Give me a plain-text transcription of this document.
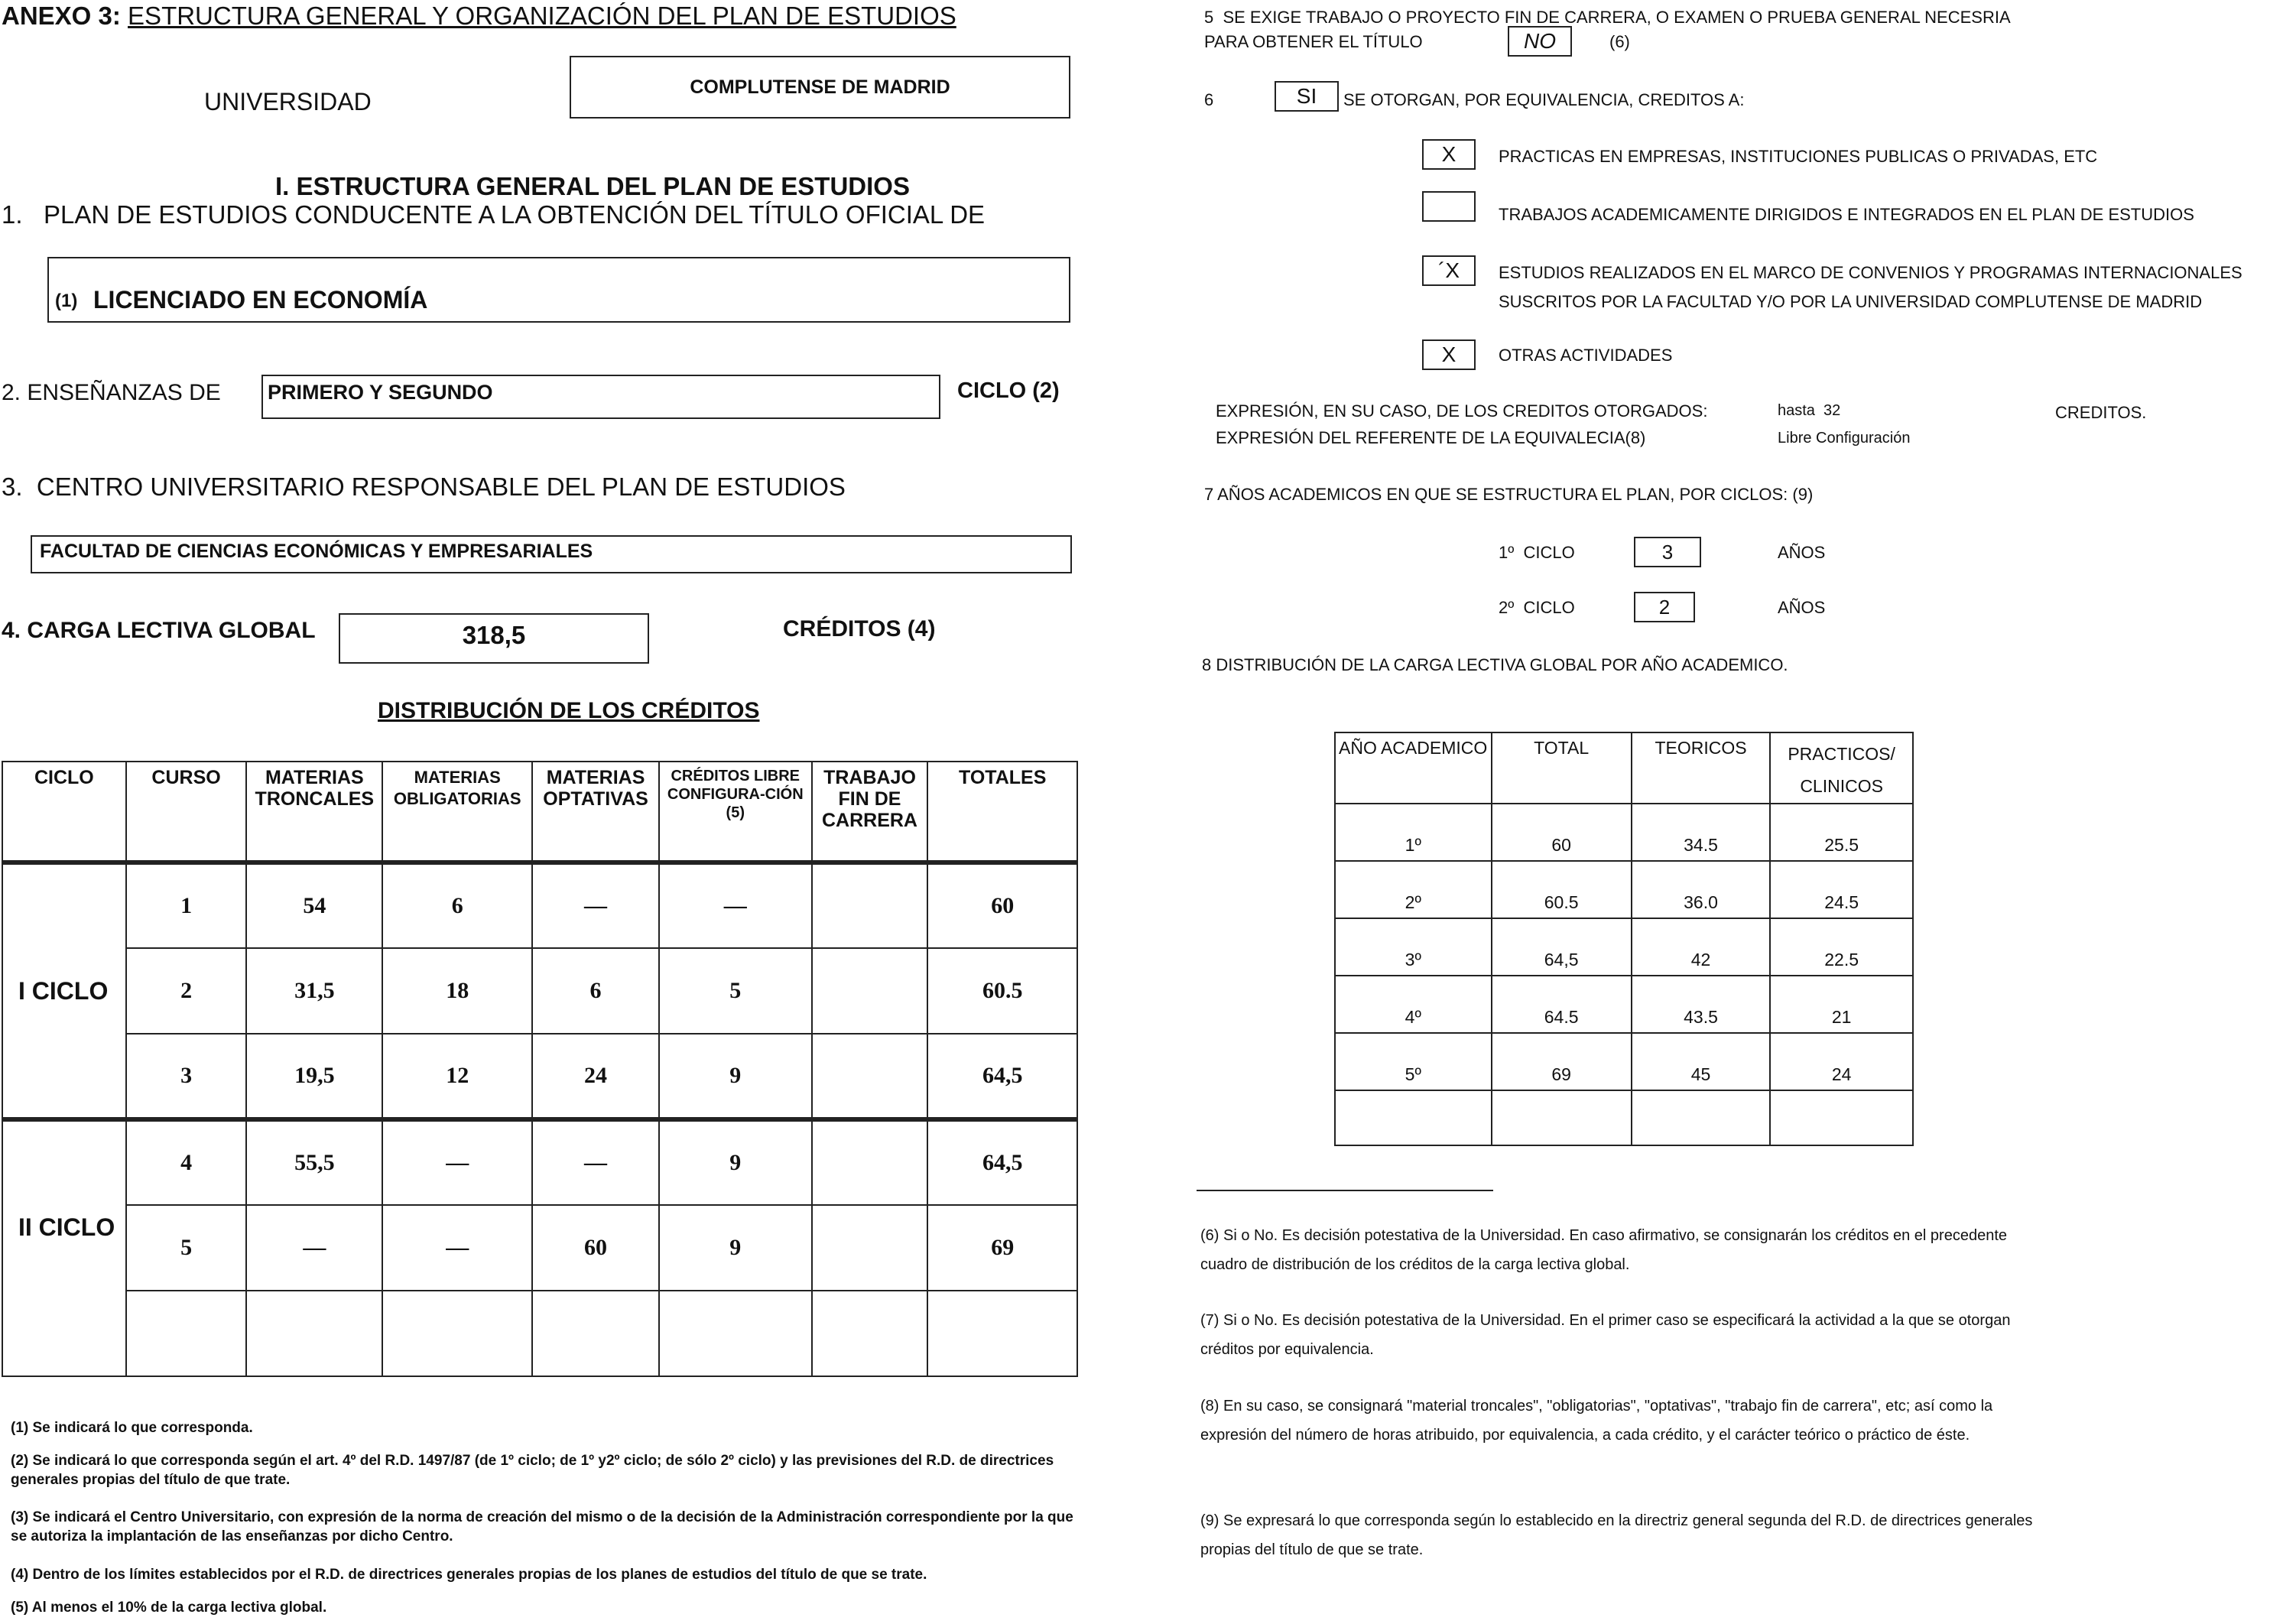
ANEXO 3: ESTRUCTURA GENERAL Y ORGANIZACIÓN DEL PLAN DE ESTUDIOS
UNIVERSIDAD
COMPLUTENSE DE MADRID
I. ESTRUCTURA GENERAL DEL PLAN DE ESTUDIOS
1.   PLAN DE ESTUDIOS CONDUCENTE A LA OBTENCIÓN DEL TÍTULO OFICIAL DE
(1) LICENCIADO EN ECONOMÍA
2. ENSEÑANZAS DE PRIMERO Y SEGUNDO	CICLO (2)
3.  CENTRO UNIVERSITARIO RESPONSABLE DEL PLAN DE ESTUDIOS
FACULTAD DE CIENCIAS ECONÓMICAS Y EMPRESARIALES
4. CARGA LECTIVA GLOBAL	318,5	CRÉDITOS (4)
DISTRIBUCIÓN DE LOS CRÉDITOS
CICLO	CURSO	MATERIAS TRONCALES	MATERIAS OBLIGATORIAS	MATERIAS OPTATIVAS	CRÉDITOS LIBRE CONFIGURA-CIÓN (5)	TRABAJO FIN DE CARRERA	TOTALES
I CICLO	1	54	6	—	—		60
	2	31,5	18	6	5		60.5
	3	19,5	12	24	9		64,5
II CICLO	4	55,5	—	—	9		64,5
	5	—	—	60	9		69

(1) Se indicará lo que corresponda.
(2) Se indicará lo que corresponda según el art. 4º del R.D. 1497/87 (de 1º ciclo; de 1º y2º ciclo; de sólo 2º ciclo) y las previsiones del R.D. de directrices generales propias del título de que trate.
(3) Se indicará el Centro Universitario, con expresión de la norma de creación del mismo o de la decisión de la Administración correspondiente por la que se autoriza la implantación de las enseñanzas por dicho Centro.
(4) Dentro de los límites establecidos por el R.D. de directrices generales propias de los planes de estudios del título de que se trate.
(5) Al menos el 10% de la carga lectiva global.
5  SE EXIGE TRABAJO O PROYECTO FIN DE CARRERA, O EXAMEN O PRUEBA GENERAL NECESRIA
PARA OBTENER EL TÍTULO	NO	(6)
6	SI	SE OTORGAN, POR EQUIVALENCIA, CREDITOS A:
X	PRACTICAS EN EMPRESAS, INSTITUCIONES PUBLICAS O PRIVADAS, ETC
TRABAJOS ACADEMICAMENTE DIRIGIDOS E INTEGRADOS EN EL PLAN DE ESTUDIOS
´X	ESTUDIOS REALIZADOS EN EL MARCO DE CONVENIOS Y PROGRAMAS INTERNACIONALES
SUSCRITOS POR LA FACULTAD Y/O POR LA UNIVERSIDAD COMPLUTENSE DE MADRID
X	OTRAS ACTIVIDADES
EXPRESIÓN, EN SU CASO, DE LOS CREDITOS OTORGADOS:	hasta  32	CREDITOS.
EXPRESIÓN DEL REFERENTE DE LA EQUIVALECIA(8)	Libre Configuración
7 AÑOS ACADEMICOS EN QUE SE ESTRUCTURA EL PLAN, POR CICLOS: (9)
1º  CICLO	3	AÑOS
2º  CICLO	2	AÑOS
8 DISTRIBUCIÓN DE LA CARGA LECTIVA GLOBAL POR AÑO ACADEMICO.
AÑO ACADEMICO	TOTAL	TEORICOS	PRACTICOS/
CLINICOS

1º	60	34.5	25.5
2º	60.5	36.0	24.5
3º	64,5	42	22.5
4º	64.5	43.5	21
5º	69	45	24

(6) Si o No. Es decisión potestativa de la Universidad. En caso afirmativo, se consignarán los créditos en el precedente cuadro de distribución de los créditos de la carga lectiva global.
(7) Si o No. Es decisión potestativa de la Universidad. En el primer caso se especificará la actividad a la que se otorgan créditos por equivalencia.
(8) En su caso, se consignará "material troncales", "obligatorias", "optativas", "trabajo fin de carrera", etc; así como la expresión del número de horas atribuido, por equivalencia, a cada crédito, y el carácter teórico o práctico de éste.
(9) Se expresará lo que corresponda según lo establecido en la directriz general segunda del R.D. de directrices generales propias del título de que se trate.
